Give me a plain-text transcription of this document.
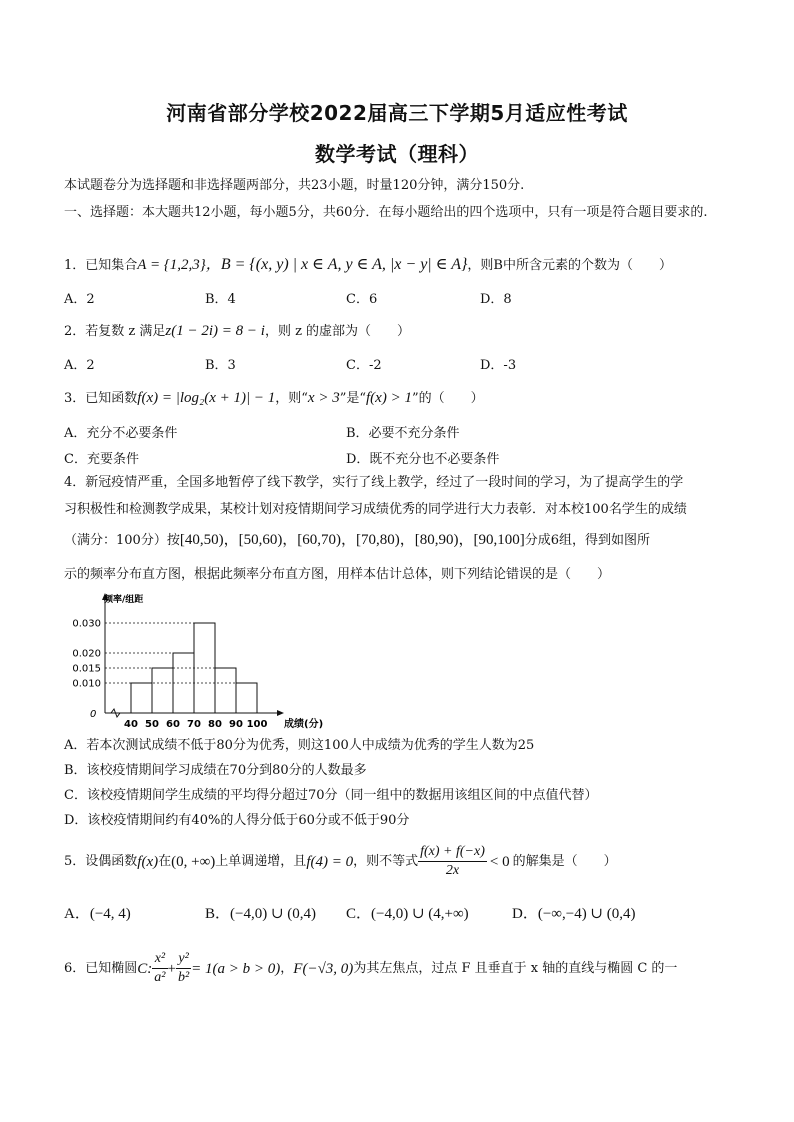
河南省部分学校2022届高三下学期5月适应性考试
数学考试（理科）
本试题卷分为选择题和非选择题两部分，共23小题，时量120分钟，满分150分.
一、选择题：本大题共12小题，每小题5分，共60分．在每小题给出的四个选项中，只有一项是符合题目要求的.
1．已知集合A = {1,2,3}，B = {(x, y) | x ∈ A, y ∈ A, |x − y| ∈ A}，则B中所含元素的个数为（　　）
A．2	B．4	C．6	D．8
2．若复数 z 满足z(1 − 2i) = 8 − i，则 z 的虚部为（　　）
A．2	B．3	C．-2	D．-3
3．已知函数f(x) = |log₂(x + 1)| − 1，则“x > 3”是“f(x) > 1”的（　　）
A．充分不必要条件	B．必要不充分条件
C．充要条件	D．既不充分也不必要条件
4．新冠疫情严重，全国多地暂停了线下教学，实行了线上教学，经过了一段时间的学习，为了提高学生的学
习积极性和检测教学成果，某校计划对疫情期间学习成绩优秀的同学进行大力表彰．对本校100名学生的成绩
（满分：100分）按[40,50)，[50,60)，[60,70)，[70,80)，[80,90)，[90,100]分成6组，得到如图所
示的频率分布直方图，根据此频率分布直方图，用样本估计总体，则下列结论错误的是（　　）
频率/组距
成绩(分)
0
0.030
0.020
0.015
0.010
40 50 60 70 80 90 100
A．若本次测试成绩不低于80分为优秀，则这100人中成绩为优秀的学生人数为25
B．该校疫情期间学习成绩在70分到80分的人数最多
C．该校疫情期间学生成绩的平均得分超过70分（同一组中的数据用该组区间的中点值代替）
D．该校疫情期间约有40%的人得分低于60分或不低于90分
5． 设偶函数 f(x) 在 (0, +∞) 上单调递增，且 f(4) = 0 ，则不等式 $\frac{f(x) + f(-x)}{2x} < 0$ 的解集是（　　）
A．(−4, 4)	B．(−4,0) ∪ (0,4) C．(−4,0) ∪ (4,+∞)	D．(−∞,−4) ∪ (0,4)
6． 已知椭圆 C: $\frac{\text{x²}}{\text{a²}} + \frac{\text{y²}}{\text{b²}} = 1(a > b > 0)$ ， F(−√3, 0) 为其左焦点，过点 F 且垂直于 x 轴的直线与椭圆 C 的一
